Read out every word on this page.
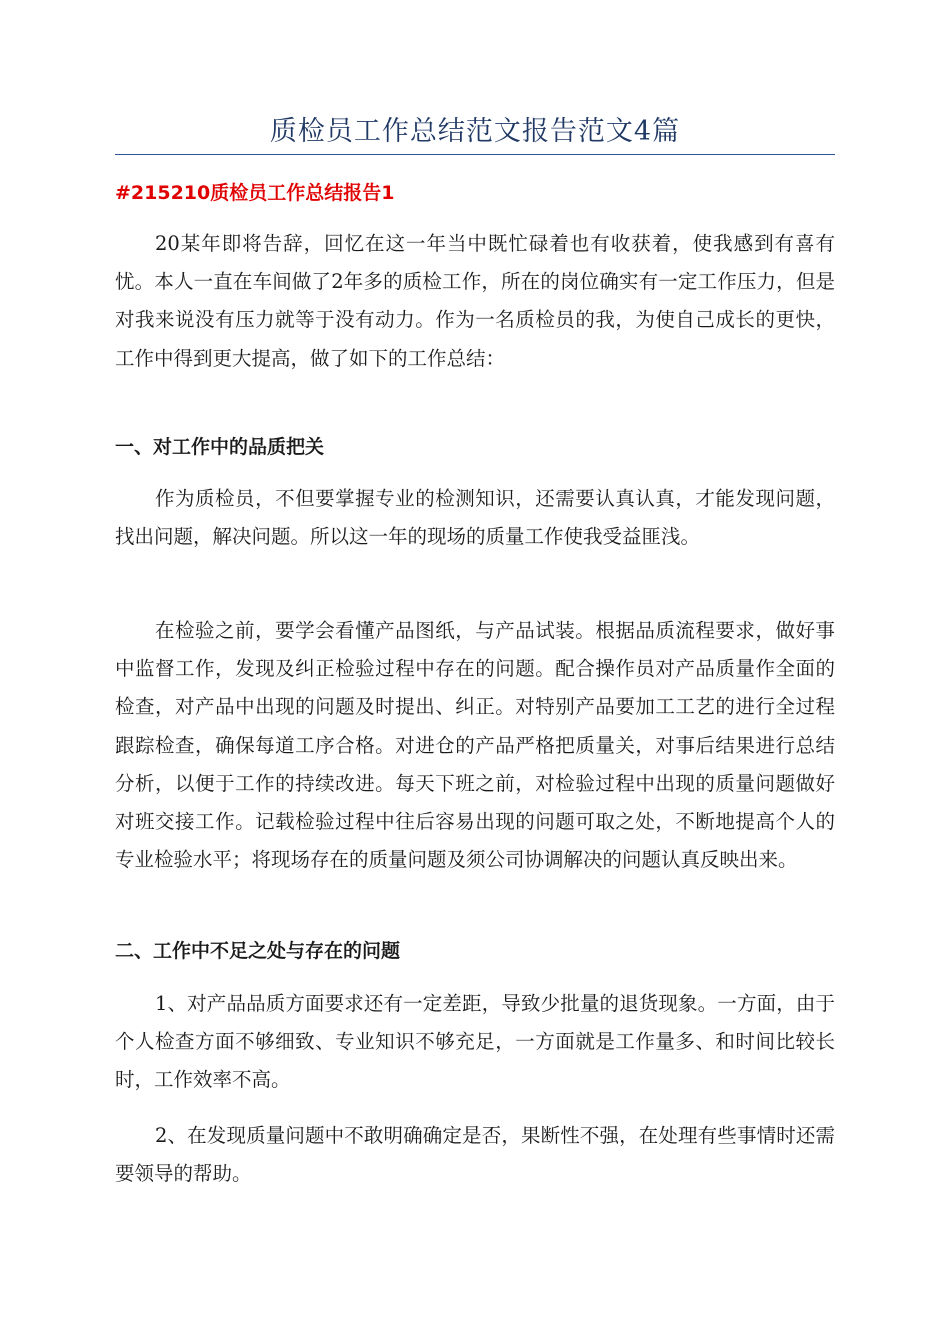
质检员工作总结范文报告范文4篇
#215210质检员工作总结报告1

20某年即将告辞，回忆在这一年当中既忙碌着也有收获着，使我感到有喜有忧。本人一直在车间做了2年多的质检工作，所在的岗位确实有一定工作压力，但是对我来说没有压力就等于没有动力。作为一名质检员的我，为使自己成长的更快，工作中得到更大提高，做了如下的工作总结：

一、对工作中的品质把关

作为质检员，不但要掌握专业的检测知识，还需要认真认真，才能发现问题，找出问题，解决问题。所以这一年的现场的质量工作使我受益匪浅。

在检验之前，要学会看懂产品图纸，与产品试装。根据品质流程要求，做好事中监督工作，发现及纠正检验过程中存在的问题。配合操作员对产品质量作全面的检查，对产品中出现的问题及时提出、纠正。对特别产品要加工工艺的进行全过程跟踪检查，确保每道工序合格。对进仓的产品严格把质量关，对事后结果进行总结分析，以便于工作的持续改进。每天下班之前，对检验过程中出现的质量问题做好对班交接工作。记载检验过程中往后容易出现的问题可取之处，不断地提高个人的专业检验水平；将现场存在的质量问题及须公司协调解决的问题认真反映出来。

二、工作中不足之处与存在的问题

1、对产品品质方面要求还有一定差距，导致少批量的退货现象。一方面，由于个人检查方面不够细致、专业知识不够充足，一方面就是工作量多、和时间比较长时，工作效率不高。

2、在发现质量问题中不敢明确确定是否，果断性不强，在处理有些事情时还需要领导的帮助。
